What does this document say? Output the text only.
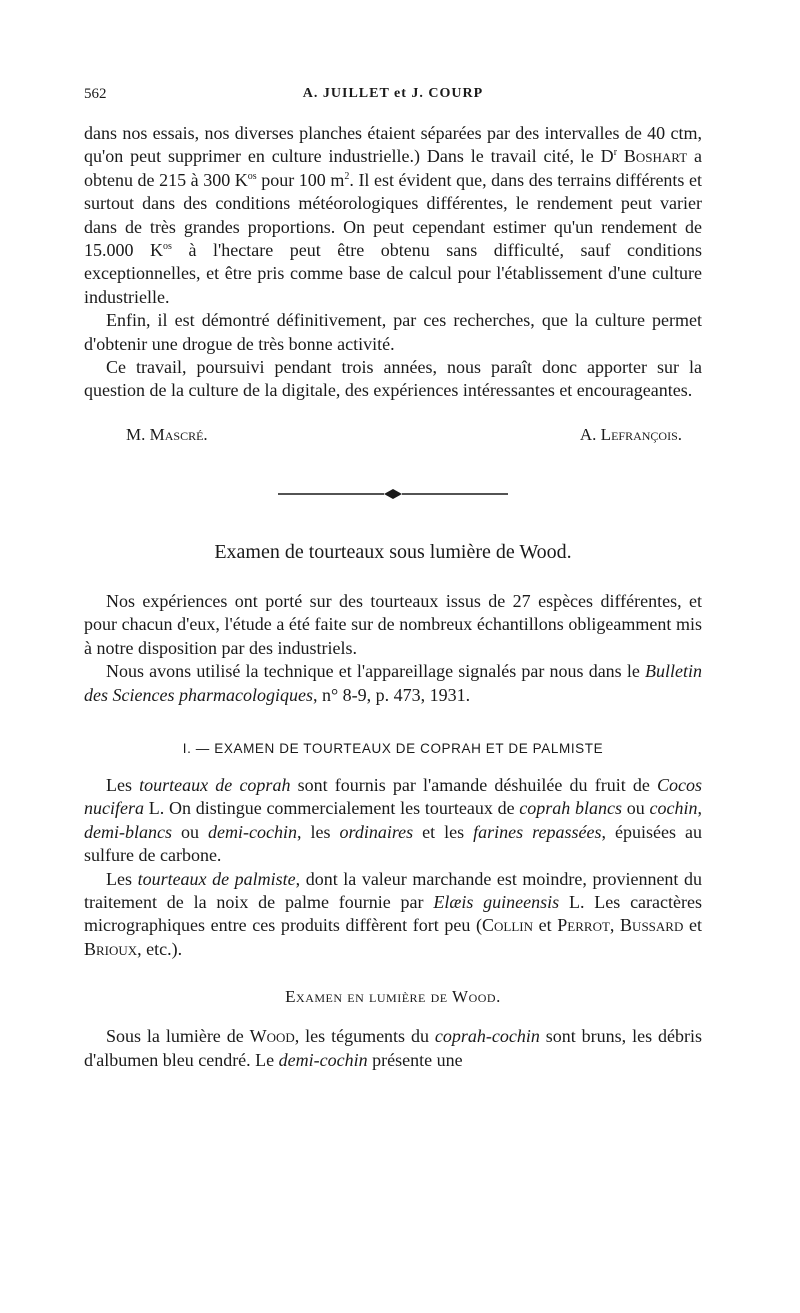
562	A. JUILLET et J. COURP

dans nos essais, nos diverses planches étaient séparées par des intervalles de 40 ctm, qu'on peut supprimer en culture industrielle.) Dans le travail cité, le $D^r$ Boshart a obtenu de 215 à 300 $K^{os}$ pour 100 $m^2$. Il est évident que, dans des terrains différents et surtout dans des conditions météorologiques différentes, le rendement peut varier dans de très grandes proportions. On peut cependant estimer qu'un rendement de 15.000 $K^{os}$ à l'hectare peut être obtenu sans difficulté, sauf conditions exceptionnelles, et être pris comme base de calcul pour l'établissement d'une culture industrielle.

Enfin, il est démontré définitivement, par ces recherches, que la culture permet d'obtenir une drogue de très bonne activité.

Ce travail, poursuivi pendant trois années, nous paraît donc apporter sur la question de la culture de la digitale, des expériences intéressantes et encourageantes.

M. Mascré.	A. Lefrançois.
Examen de tourteaux sous lumière de Wood.

Nos expériences ont porté sur des tourteaux issus de 27 espèces différentes, et pour chacun d'eux, l'étude a été faite sur de nombreux échantillons obligeamment mis à notre disposition par des industriels.

Nous avons utilisé la technique et l'appareillage signalés par nous dans le Bulletin des Sciences pharmacologiques, n° 8-9, p. 473, 1931.

I. — EXAMEN DE TOURTEAUX DE COPRAH ET DE PALMISTE

Les tourteaux de coprah sont fournis par l'amande déshuilée du fruit de Cocos nucifera L. On distingue commercialement les tourteaux de coprah blancs ou cochin, demi-blancs ou demi-cochin, les ordinaires et les farines repassées, épuisées au sulfure de carbone.

Les tourteaux de palmiste, dont la valeur marchande est moindre, proviennent du traitement de la noix de palme fournie par Elæis guineensis L. Les caractères micrographiques entre ces produits diffèrent fort peu (Collin et Perrot, Bussard et Brioux, etc.).

Examen en lumière de Wood.

Sous la lumière de Wood, les téguments du coprah-cochin sont bruns, les débris d'albumen bleu cendré. Le demi-cochin présente une
